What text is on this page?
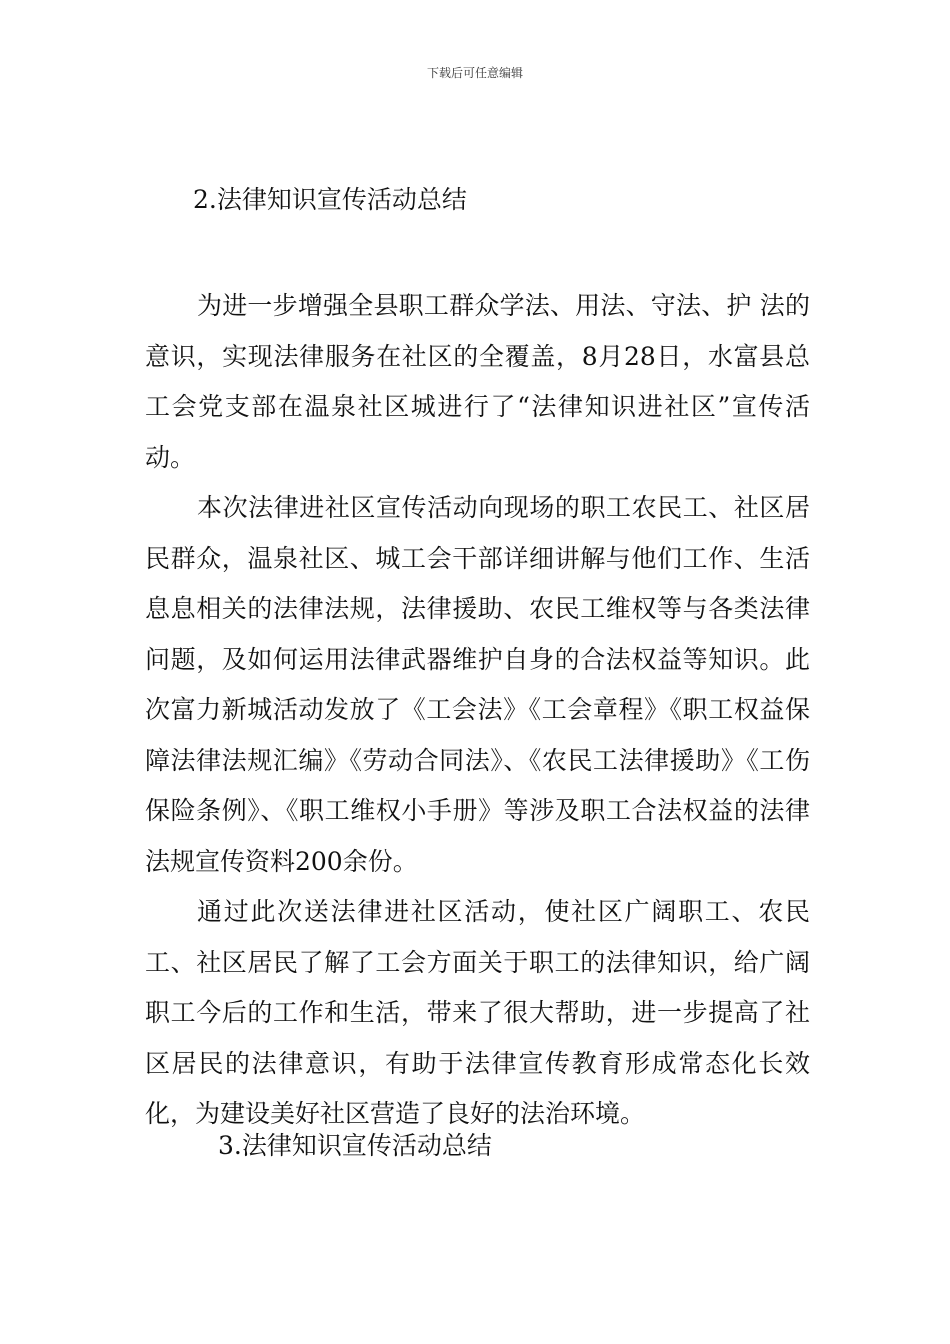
下载后可任意编辑
2.法律知识宣传活动总结

为进一步增强全县职工群众学法、用法、守法、护 法的意识，实现法律服务在社区的全覆盖，8月28日，水富县总工会党支部在温泉社区城进行了“法律知识进社区”宣传活动。

本次法律进社区宣传活动向现场的职工农民工、社区居民群众，温泉社区、城工会干部详细讲解与他们工作、生活息息相关的法律法规，法律援助、农民工维权等与各类法律问题，及如何运用法律武器维护自身的合法权益等知识。此次富力新城活动发放了《工会法》《工会章程》《职工权益保障法律法规汇编》《劳动合同法》、《农民工法律援助》《工伤保险条例》、《职工维权小手册》等涉及职工合法权益的法律法规宣传资料200余份。

通过此次送法律进社区活动，使社区广阔职工、农民工、社区居民了解了工会方面关于职工的法律知识，给广阔职工今后的工作和生活，带来了很大帮助，进一步提高了社区居民的法律意识，有助于法律宣传教育形成常态化长效化，为建设美好社区营造了良好的法治环境。

3.法律知识宣传活动总结
